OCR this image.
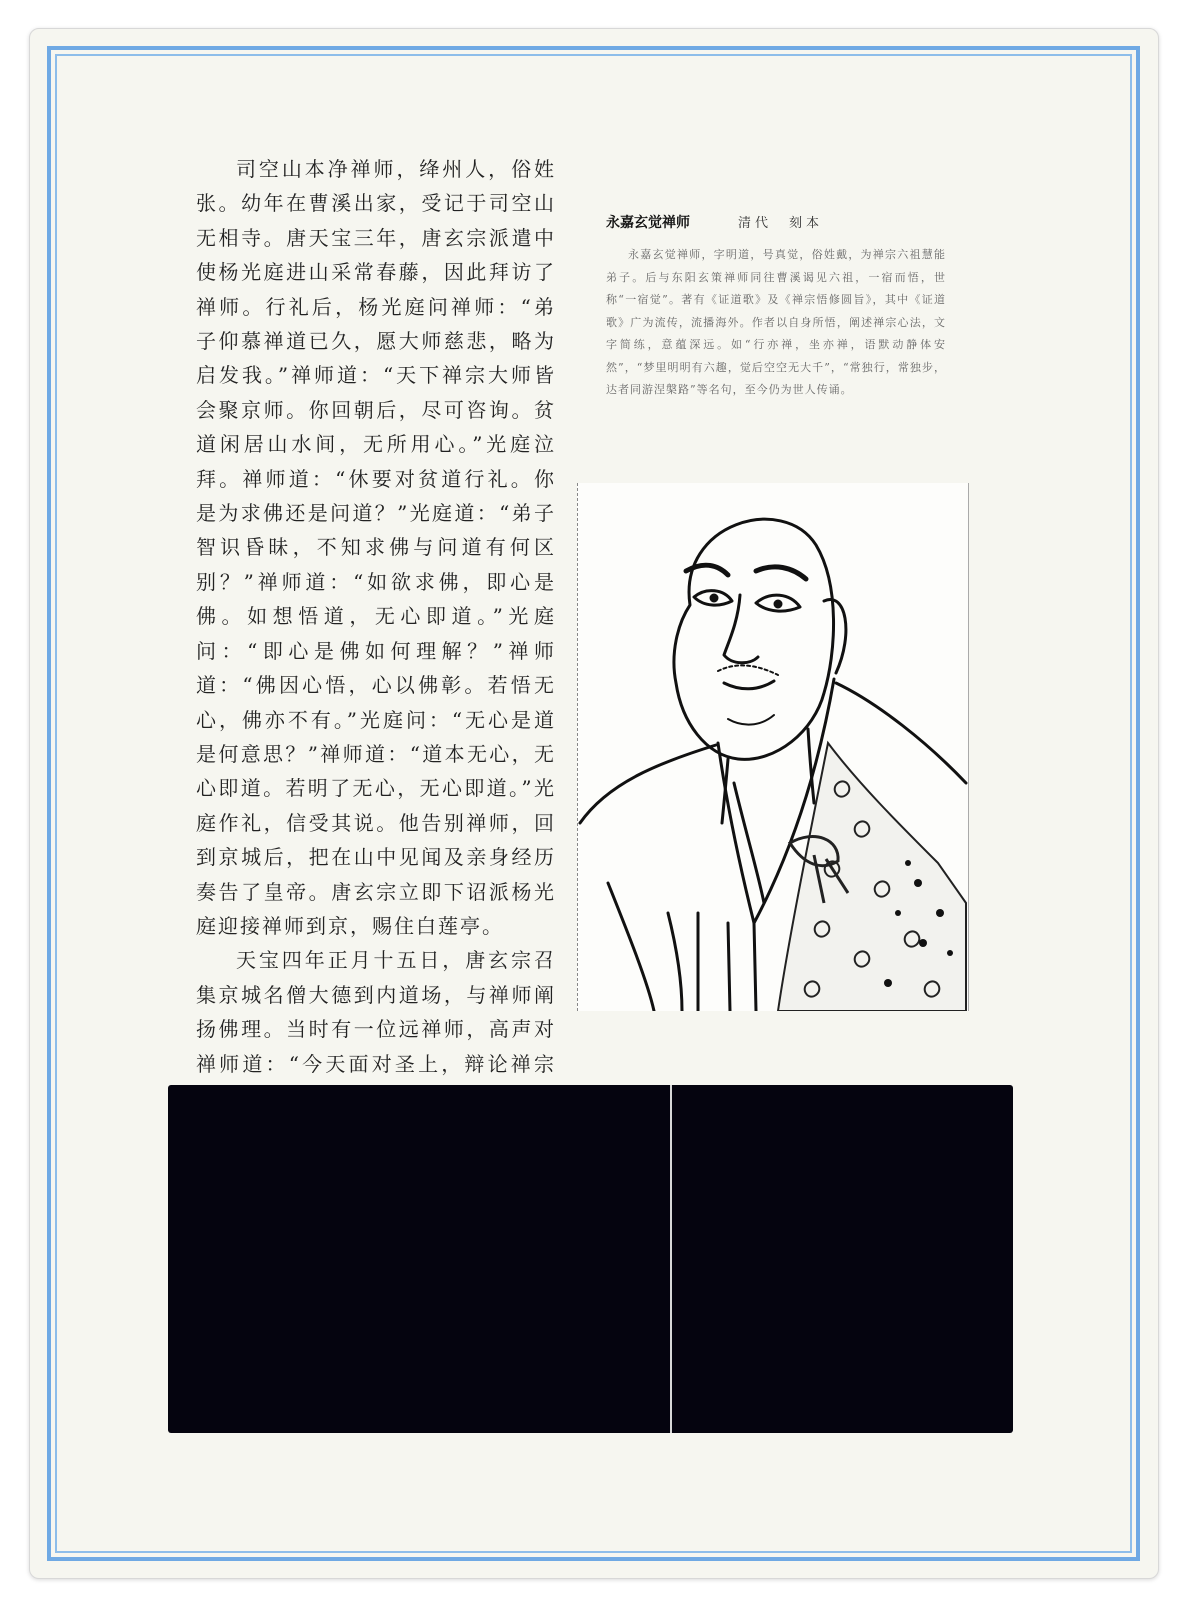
司空山本净禅师，绛州人，俗姓张。幼年在曹溪出家，受记于司空山无相寺。唐天宝三年，唐玄宗派遣中使杨光庭进山采常春藤，因此拜访了禅师。行礼后，杨光庭问禅师：“弟子仰慕禅道已久，愿大师慈悲，略为启发我。”禅师道：“天下禅宗大师皆会聚京师。你回朝后，尽可咨询。贫道闲居山水间，无所用心。”光庭泣拜。禅师道：“休要对贫道行礼。你是为求佛还是问道？”光庭道：“弟子智识昏昧，不知求佛与问道有何区别？”禅师道：“如欲求佛，即心是佛。如想悟道，无心即道。”光庭问：“即心是佛如何理解？”禅师道：“佛因心悟，心以佛彰。若悟无心，佛亦不有。”光庭问：“无心是道是何意思？”禅师道：“道本无心，无心即道。若明了无心，无心即道。”光庭作礼，信受其说。他告别禅师，回到京城后，把在山中见闻及亲身经历奏告了皇帝。唐玄宗立即下诏派杨光庭迎接禅师到京，赐住白莲亭。

天宝四年正月十五日，唐玄宗召集京城名僧大德到内道场，与禅师阐扬佛理。当时有一位远禅师，高声对禅师道：“今天面对圣上，辩论禅宗

永嘉玄觉禅师	清代　刻本
永嘉玄觉禅师，字明道，号真觉，俗姓戴，为禅宗六祖慧能弟子。后与东阳玄策禅师同往曹溪谒见六祖，一宿而悟，世称“一宿觉”。著有《证道歌》及《禅宗悟修圆旨》，其中《证道歌》广为流传，流播海外。作者以自身所悟，阐述禅宗心法，文字简练，意蕴深远。如“行亦禅，坐亦禅，语默动静体安然”，“梦里明明有六趣，觉后空空无大千”，“常独行，常独步，达者同游涅槃路”等名句，至今仍为世人传诵。
